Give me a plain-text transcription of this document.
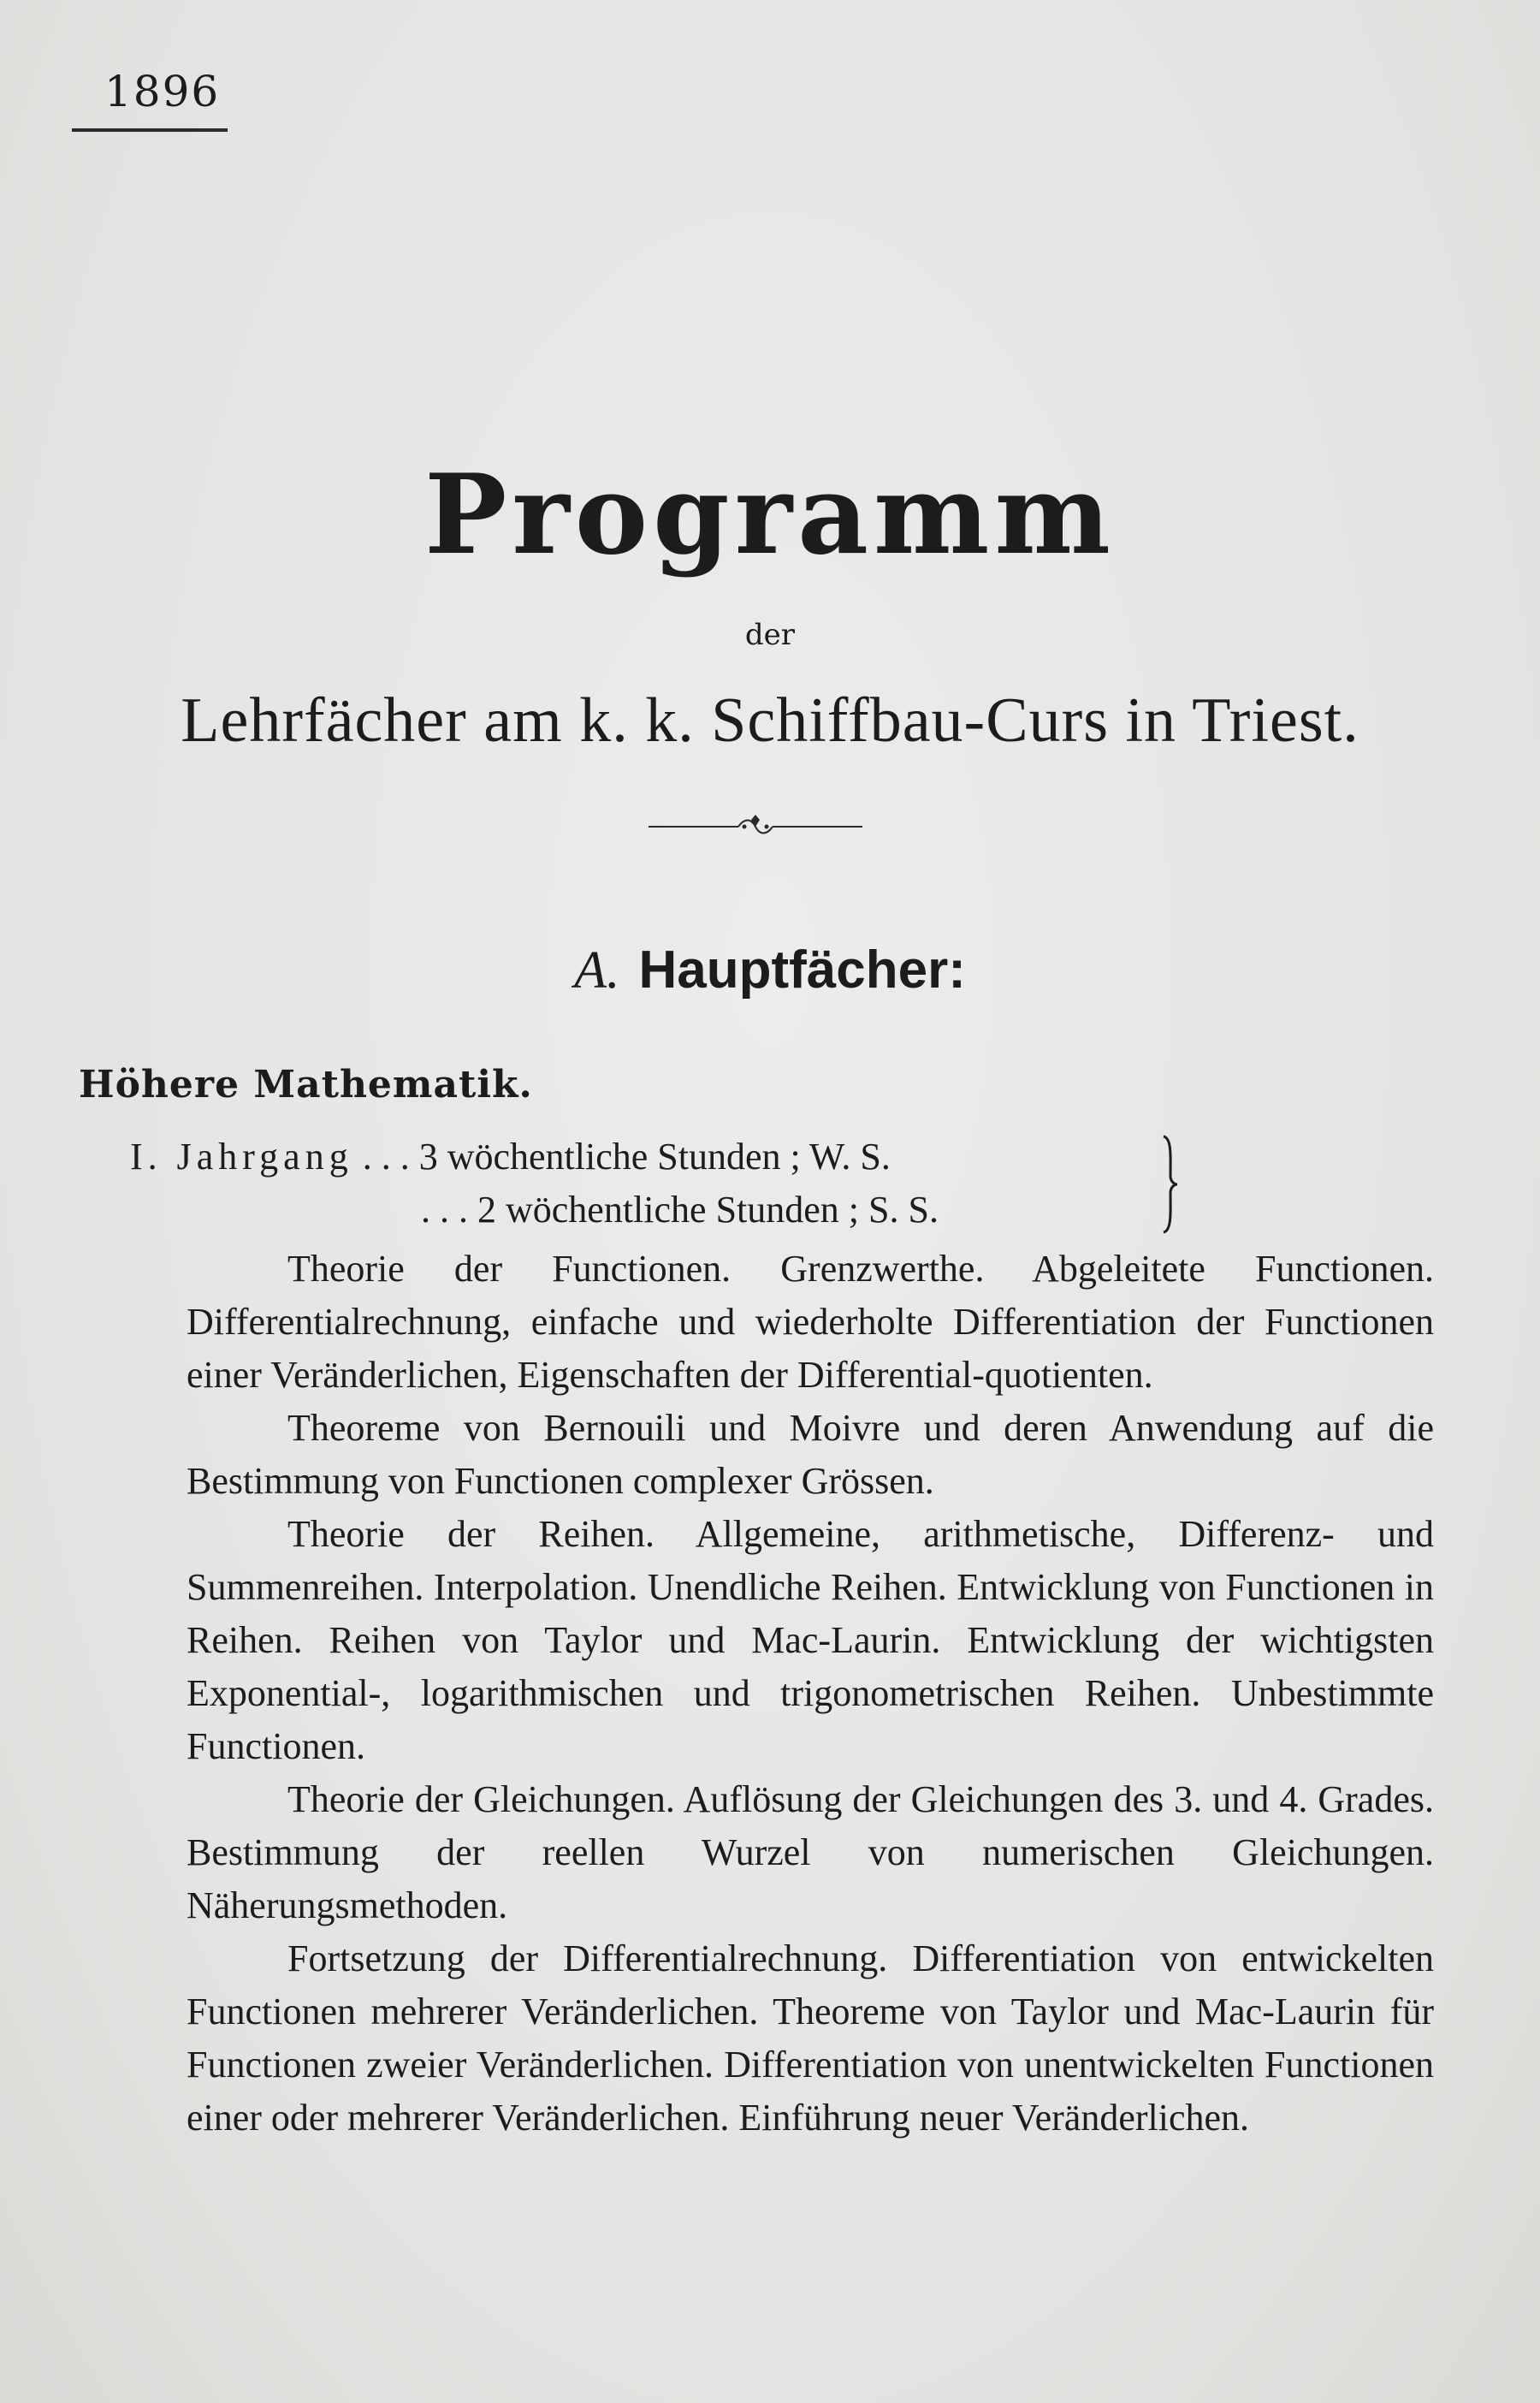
1896
Programm
der
Lehrfächer am k. k. Schiffbau-Curs in Triest.
A. Hauptfächer:
Höhere Mathematik.
I. Jahrgang . . . 3 wöchentliche Stunden ; W. S.
. . . 2 wöchentliche Stunden ; S. S.

Theorie der Functionen. Grenzwerthe. Abgeleitete Functionen. Differentialrechnung, einfache und wiederholte Differentiation der Functionen einer Veränderlichen, Eigenschaften der Differential-quotienten.

Theoreme von Bernouili und Moivre und deren Anwendung auf die Bestimmung von Functionen complexer Grössen.

Theorie der Reihen. Allgemeine, arithmetische, Differenz- und Summenreihen. Interpolation. Unendliche Reihen. Entwicklung von Functionen in Reihen. Reihen von Taylor und Mac-Laurin. Entwicklung der wichtigsten Exponential-, logarithmischen und trigonometrischen Reihen. Unbestimmte Functionen.

Theorie der Gleichungen. Auflösung der Gleichungen des 3. und 4. Grades. Bestimmung der reellen Wurzel von numerischen Gleichungen. Näherungsmethoden.

Fortsetzung der Differentialrechnung. Differentiation von entwickelten Functionen mehrerer Veränderlichen. Theoreme von Taylor und Mac-Laurin für Functionen zweier Veränderlichen. Differentiation von unentwickelten Functionen einer oder mehrerer Veränderlichen. Einführung neuer Veränderlichen.
